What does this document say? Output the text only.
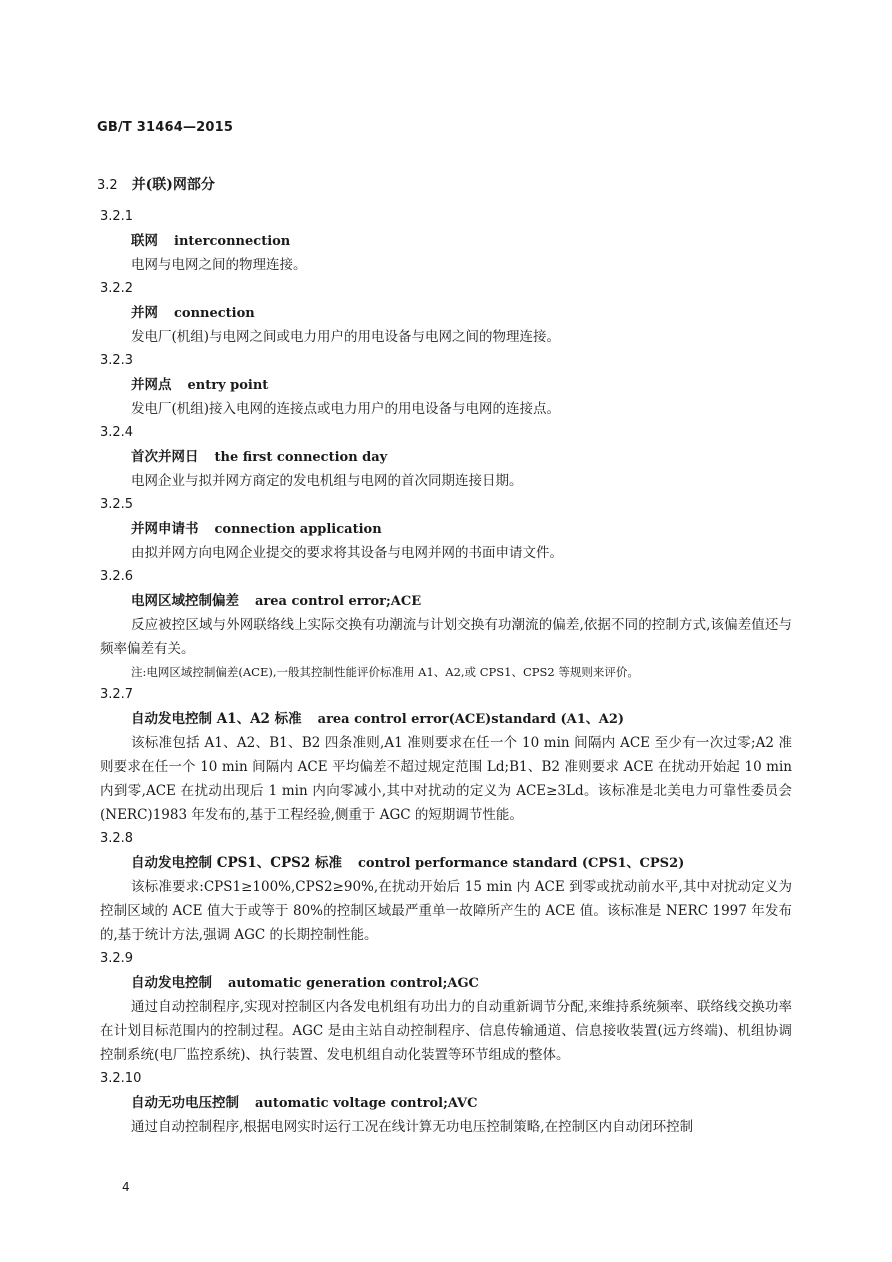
GB/T 31464—2015
3.2 并(联)网部分
3.2.1
联网 interconnection
电网与电网之间的物理连接。
3.2.2
并网 connection
发电厂(机组)与电网之间或电力用户的用电设备与电网之间的物理连接。
3.2.3
并网点 entry point
发电厂(机组)接入电网的连接点或电力用户的用电设备与电网的连接点。
3.2.4
首次并网日 the first connection day
电网企业与拟并网方商定的发电机组与电网的首次同期连接日期。
3.2.5
并网申请书 connection application
由拟并网方向电网企业提交的要求将其设备与电网并网的书面申请文件。
3.2.6
电网区域控制偏差 area control error;ACE
反应被控区域与外网联络线上实际交换有功潮流与计划交换有功潮流的偏差,依据不同的控制方式,该偏差值还与频率偏差有关。
注:电网区域控制偏差(ACE),一般其控制性能评价标准用 A1、A2,或 CPS1、CPS2 等规则来评价。
3.2.7
自动发电控制 A1、A2 标准 area control error(ACE)standard (A1、A2)
该标准包括 A1、A2、B1、B2 四条准则,A1 准则要求在任一个 10 min 间隔内 ACE 至少有一次过零;A2 准则要求在任一个 10 min 间隔内 ACE 平均偏差不超过规定范围 Ld;B1、B2 准则要求 ACE 在扰动开始起 10 min 内到零,ACE 在扰动出现后 1 min 内向零减小,其中对扰动的定义为 ACE≥3Ld。该标准是北美电力可靠性委员会(NERC)1983 年发布的,基于工程经验,侧重于 AGC 的短期调节性能。
3.2.8
自动发电控制 CPS1、CPS2 标准 control performance standard (CPS1、CPS2)
该标准要求:CPS1≥100%,CPS2≥90%,在扰动开始后 15 min 内 ACE 到零或扰动前水平,其中对扰动定义为控制区域的 ACE 值大于或等于 80%的控制区域最严重单一故障所产生的 ACE 值。该标准是 NERC 1997 年发布的,基于统计方法,强调 AGC 的长期控制性能。
3.2.9
自动发电控制 automatic generation control;AGC
通过自动控制程序,实现对控制区内各发电机组有功出力的自动重新调节分配,来维持系统频率、联络线交换功率在计划目标范围内的控制过程。AGC 是由主站自动控制程序、信息传输通道、信息接收装置(远方终端)、机组协调控制系统(电厂监控系统)、执行装置、发电机组自动化装置等环节组成的整体。
3.2.10
自动无功电压控制 automatic voltage control;AVC
通过自动控制程序,根据电网实时运行工况在线计算无功电压控制策略,在控制区内自动闭环控制
4
